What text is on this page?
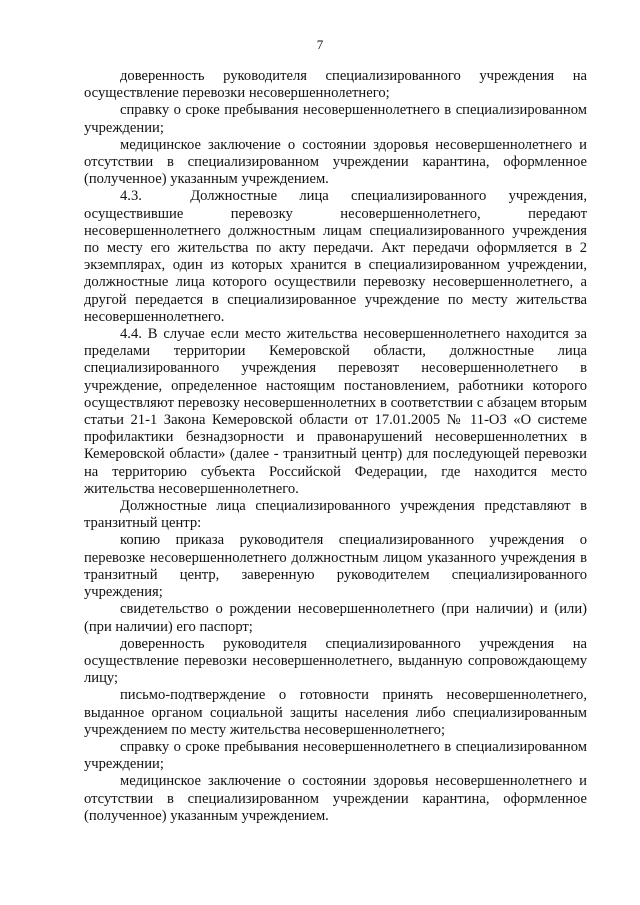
7

доверенность руководителя специализированного учреждения на осуществление перевозки несовершеннолетнего;

справку о сроке пребывания несовершеннолетнего в специализированном учреждении;

медицинское заключение о состоянии здоровья несовершеннолетнего и отсутствии в специализированном учреждении карантина, оформленное (полученное) указанным учреждением.

4.3.	Должностные лица специализированного учреждения, осуществившие перевозку несовершеннолетнего, передают несовершеннолетнего должностным лицам специализированного учреждения по месту его жительства по акту передачи. Акт передачи оформляется в 2 экземплярах, один из которых хранится в специализированном учреждении, должностные лица которого осуществили перевозку несовершеннолетнего, а другой передается в специализированное учреждение по месту жительства несовершеннолетнего.

4.4. В случае если место жительства несовершеннолетнего находится за пределами территории Кемеровской области, должностные лица специализированного учреждения перевозят несовершеннолетнего в учреждение, определенное настоящим постановлением, работники которого осуществляют перевозку несовершеннолетних в соответствии с абзацем вторым статьи 21-1 Закона Кемеровской области от 17.01.2005 № 11-ОЗ «О системе профилактики безнадзорности и правонарушений несовершеннолетних в Кемеровской области» (далее - транзитный центр) для последующей перевозки на территорию субъекта Российской Федерации, где находится место жительства несовершеннолетнего.

Должностные лица специализированного учреждения представляют в транзитный центр:

копию приказа руководителя специализированного учреждения о перевозке несовершеннолетнего должностным лицом указанного учреждения в транзитный центр, заверенную руководителем специализированного учреждения;

свидетельство о рождении несовершеннолетнего (при наличии) и (или) (при наличии) его паспорт;

доверенность руководителя специализированного учреждения на осуществление перевозки несовершеннолетнего, выданную сопровождающему лицу;

письмо-подтверждение о готовности принять несовершеннолетнего, выданное органом социальной защиты населения либо специализированным учреждением по месту жительства несовершеннолетнего;

справку о сроке пребывания несовершеннолетнего в специализированном учреждении;

медицинское заключение о состоянии здоровья несовершеннолетнего и отсутствии в специализированном учреждении карантина, оформленное (полученное) указанным учреждением.
